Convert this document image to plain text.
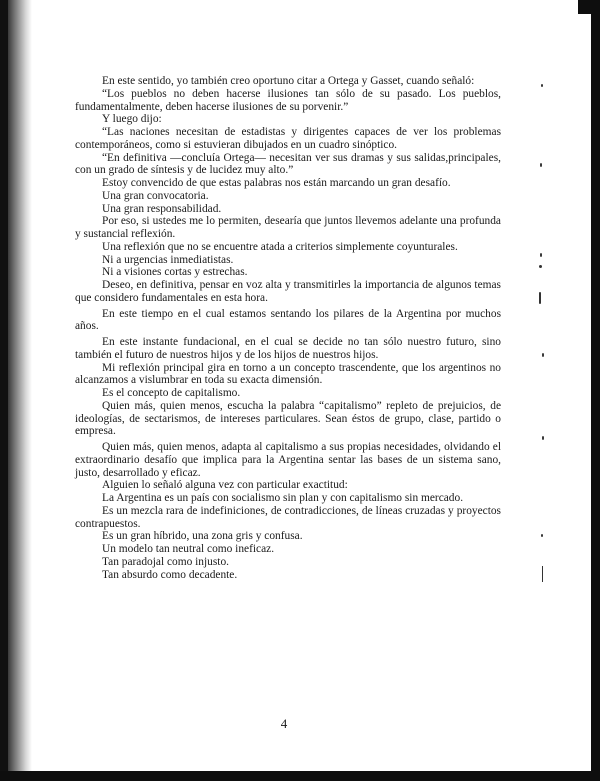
En este sentido, yo también creo oportuno citar a Ortega y Gasset, cuando señaló:

“Los pueblos no deben hacerse ilusiones tan sólo de su pasado. Los pueblos, fundamentalmente, deben hacerse ilusiones de su porvenir.”

Y luego dijo:

“Las naciones necesitan de estadistas y dirigentes capaces de ver los problemas contemporáneos, como si estuvieran dibujados en un cuadro sinóptico.

“En definitiva —concluía Ortega— necesitan ver sus dramas y sus salidas,principales, con un grado de síntesis y de lucidez muy alto.”

Estoy convencido de que estas palabras nos están marcando un gran desafío.

Una gran convocatoria.

Una gran responsabilidad.

Por eso, si ustedes me lo permiten, desearía que juntos llevemos adelante una profunda y sustancial reflexión.

Una reflexión que no se encuentre atada a criterios simplemente coyunturales.

Ni a urgencias inmediatistas.

Ni a visiones cortas y estrechas.

Deseo, en definitiva, pensar en voz alta y transmitirles la importancia de algunos temas que considero fundamentales en esta hora.

En este tiempo en el cual estamos sentando los pilares de la Argentina por muchos años.

En este instante fundacional, en el cual se decide no tan sólo nuestro futuro, sino también el futuro de nuestros hijos y de los hijos de nuestros hijos.

Mi reflexión principal gira en torno a un concepto trascendente, que los argentinos no alcanzamos a vislumbrar en toda su exacta dimensión.

Es el concepto de capitalismo.

Quien más, quien menos, escucha la palabra “capitalismo” repleto de prejuicios, de ideologías, de sectarismos, de intereses particulares. Sean éstos de grupo, clase, partido o empresa.

Quien más, quien menos, adapta al capitalismo a sus propias necesidades, olvidando el extraordinario desafío que implica para la Argentina sentar las bases de un sistema sano, justo, desarrollado y eficaz.

Alguien lo señaló alguna vez con particular exactitud:

La Argentina es un país con socialismo sin plan y con capitalismo sin mercado.

Es un mezcla rara de indefiniciones, de contradicciones, de líneas cruzadas y proyectos contrapuestos.

Es un gran híbrido, una zona gris y confusa.

Un modelo tan neutral como ineficaz.

Tan paradojal como injusto.

Tan absurdo como decadente.

4
